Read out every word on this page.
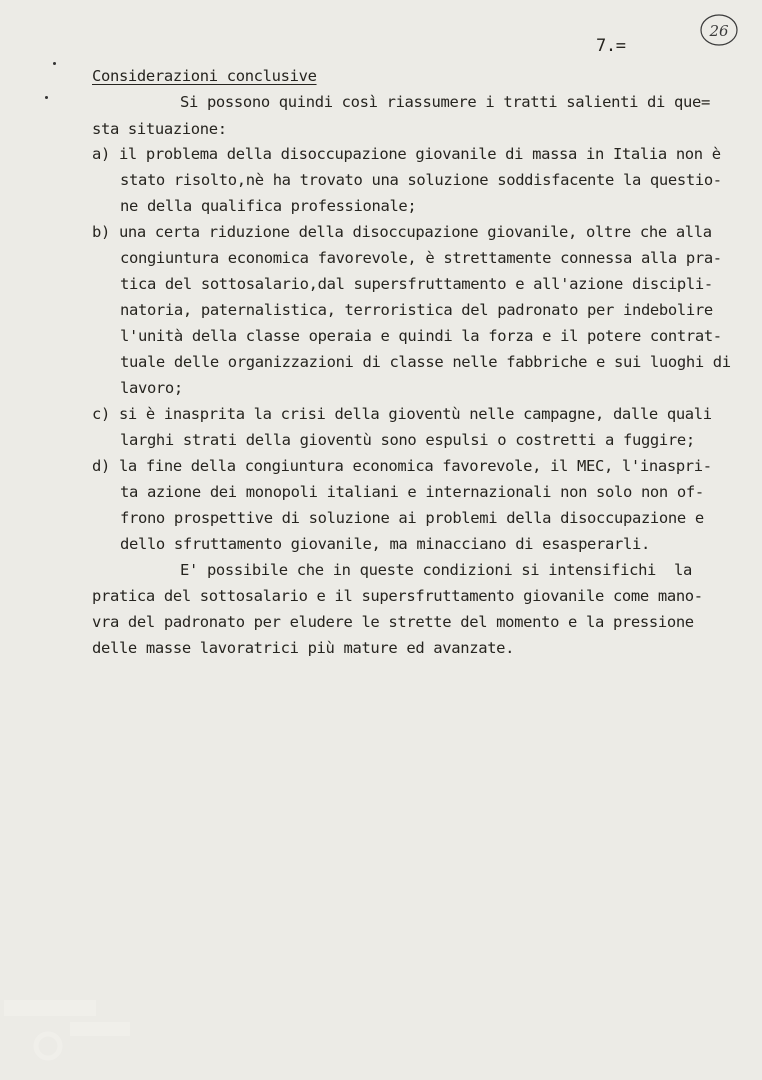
7.=
26
Considerazioni conclusive
Si possono quindi così riassumere i tratti salienti di que=
sta situazione:
a) il problema della disoccupazione giovanile di massa in Italia non è
stato risolto,nè ha trovato una soluzione soddisfacente la questio-
ne della qualifica professionale;
b) una certa riduzione della disoccupazione giovanile, oltre che alla
congiuntura economica favorevole, è strettamente connessa alla pra-
tica del sottosalario,dal supersfruttamento e all'azione discipli-
natoria, paternalistica, terroristica del padronato per indebolire
l'unità della classe operaia e quindi la forza e il potere contrat-
tuale delle organizzazioni di classe nelle fabbriche e sui luoghi di
lavoro;
c) si è inasprita la crisi della gioventù nelle campagne, dalle quali
larghi strati della gioventù sono espulsi o costretti a fuggire;
d) la fine della congiuntura economica favorevole, il MEC, l'inaspri-
ta azione dei monopoli italiani e internazionali non solo non of-
frono prospettive di soluzione ai problemi della disoccupazione e
dello sfruttamento giovanile, ma minacciano di esasperarli.
E' possibile che in queste condizioni si intensifichi  la
pratica del sottosalario e il supersfruttamento giovanile come mano-
vra del padronato per eludere le strette del momento e la pressione
delle masse lavoratrici più mature ed avanzate.
